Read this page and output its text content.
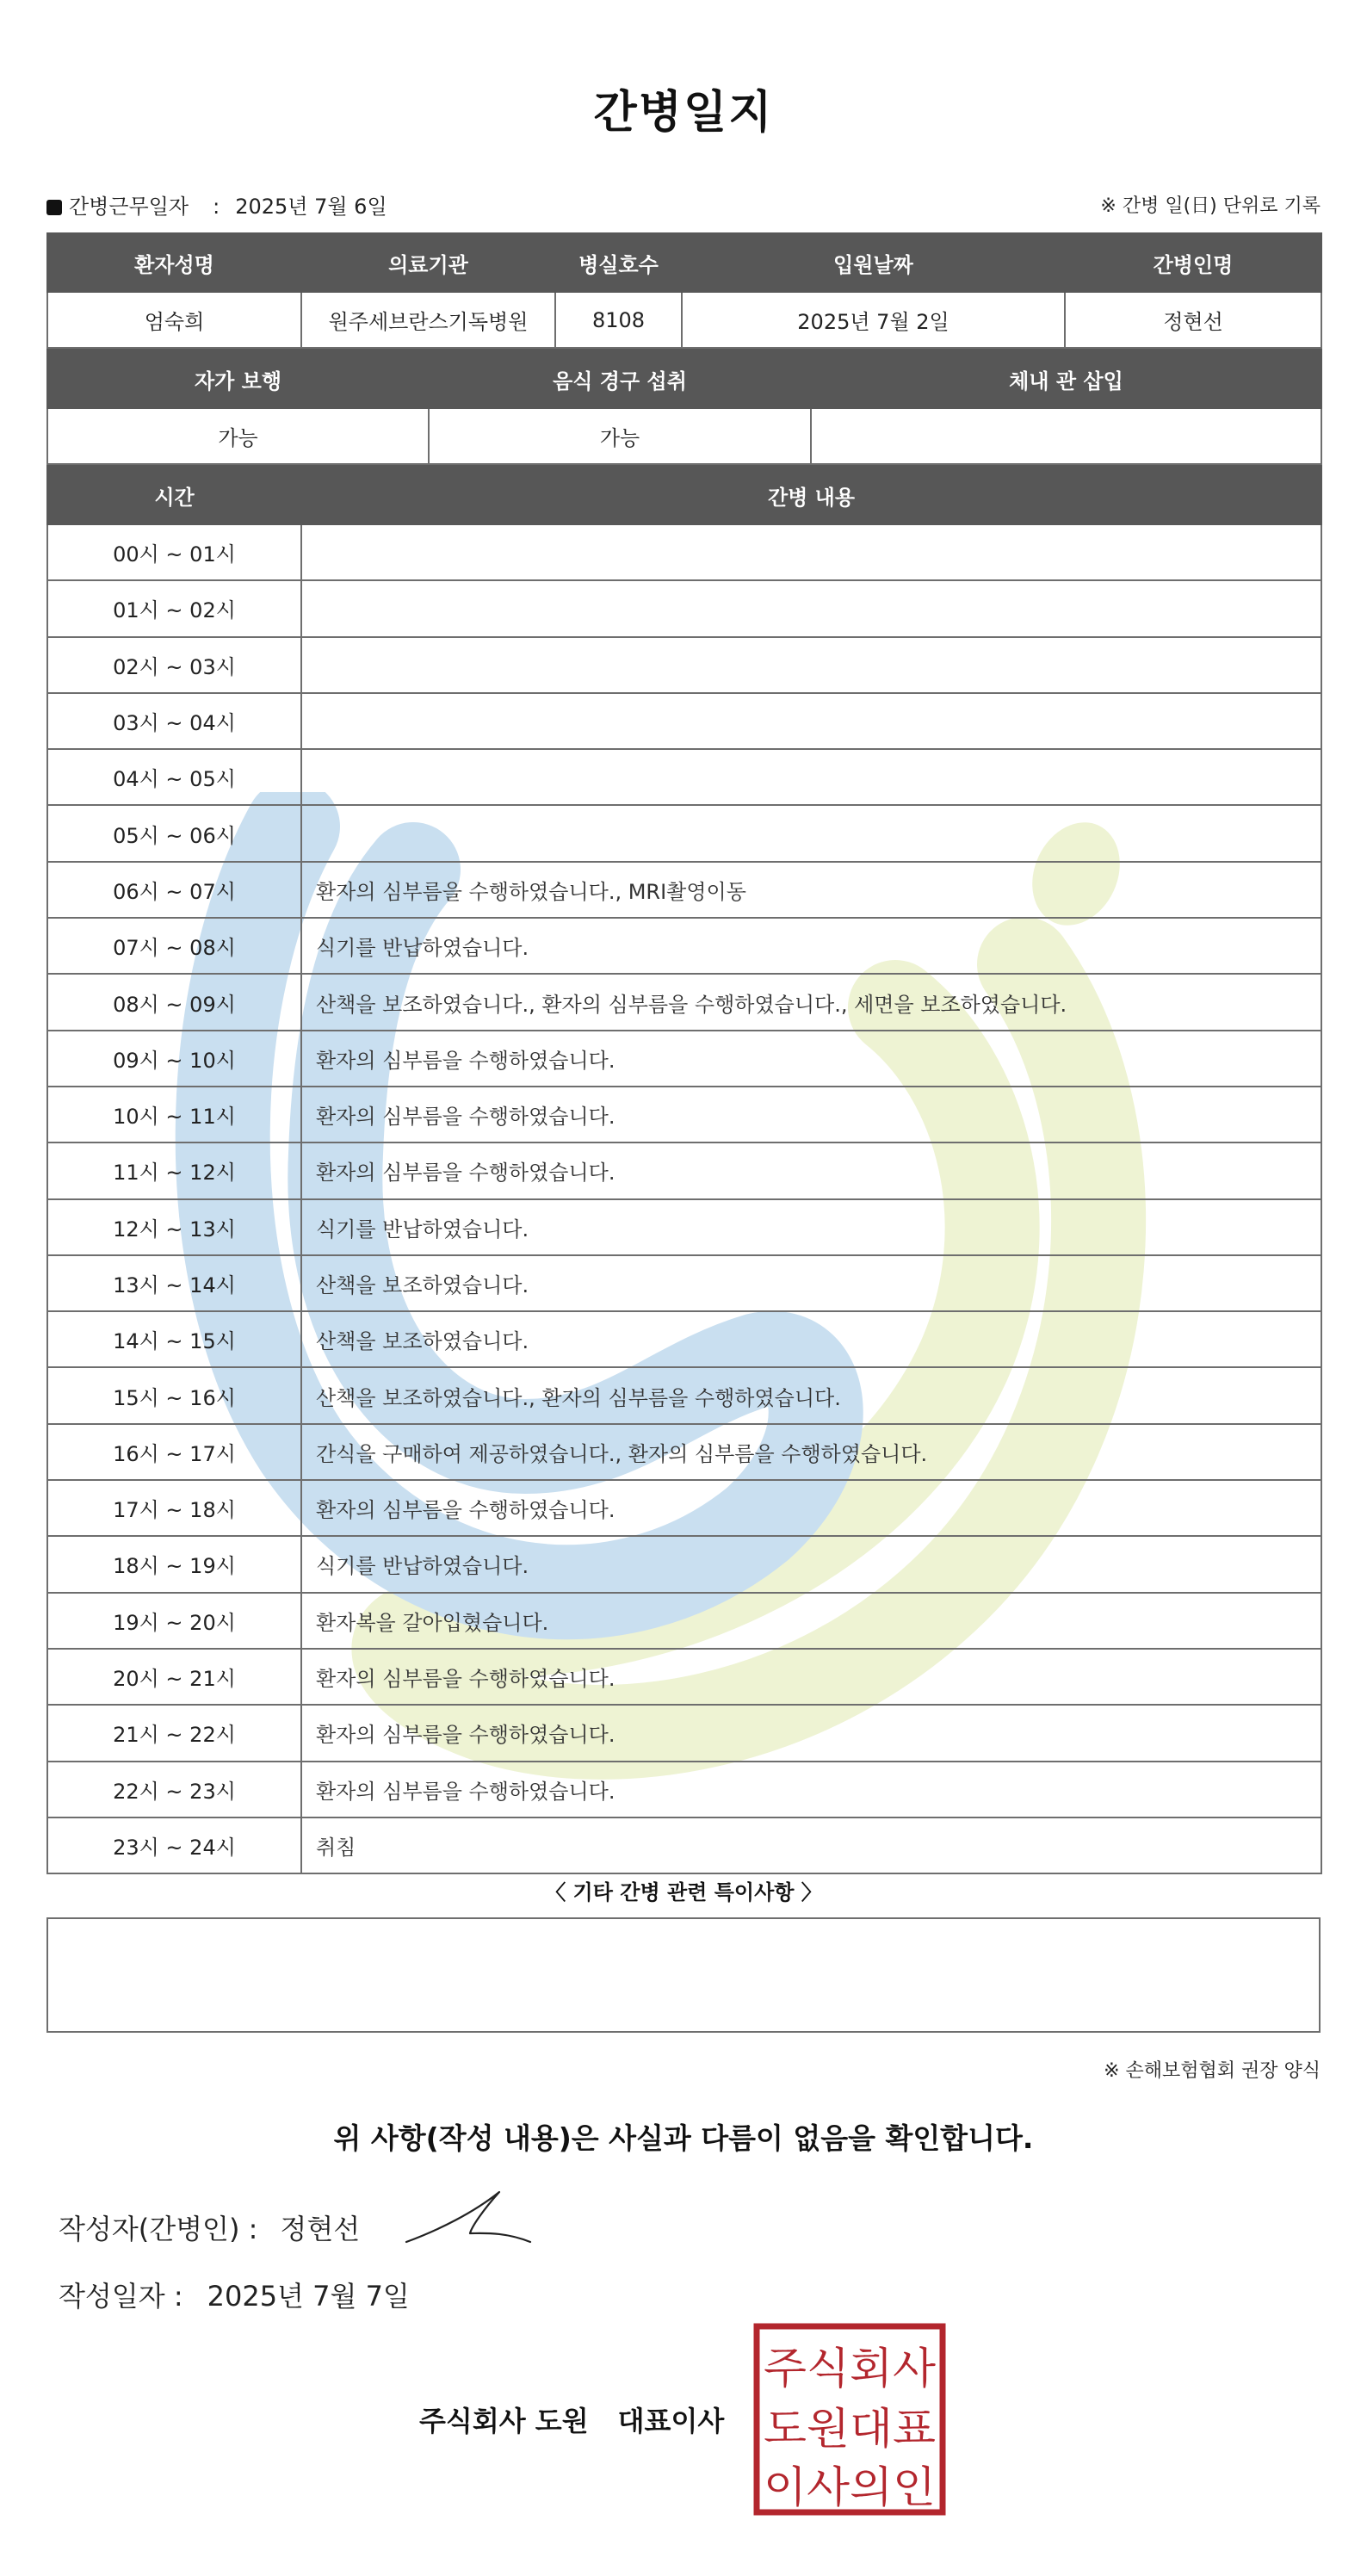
간병일지
간병근무일자 : 2025년 7월 6일	※ 간병 일(日) 단위로 기록
환자성명	의료기관	병실호수	입원날짜	간병인명
엄숙희	원주세브란스기독병원	8108	2025년 7월 2일	정현선
자가 보행	음식 경구 섭취	체내 관 삽입
가능	가능	
시간	간병 내용
00시 ~ 01시	
01시 ~ 02시	
02시 ~ 03시	
03시 ~ 04시	
04시 ~ 05시	
05시 ~ 06시	
06시 ~ 07시	환자의 심부름을 수행하였습니다., MRI촬영이동
07시 ~ 08시	식기를 반납하였습니다.
08시 ~ 09시	산책을 보조하였습니다., 환자의 심부름을 수행하였습니다., 세면을 보조하였습니다.
09시 ~ 10시	환자의 심부름을 수행하였습니다.
10시 ~ 11시	환자의 심부름을 수행하였습니다.
11시 ~ 12시	환자의 심부름을 수행하였습니다.
12시 ~ 13시	식기를 반납하였습니다.
13시 ~ 14시	산책을 보조하였습니다.
14시 ~ 15시	산책을 보조하였습니다.
15시 ~ 16시	산책을 보조하였습니다., 환자의 심부름을 수행하였습니다.
16시 ~ 17시	간식을 구매하여 제공하였습니다., 환자의 심부름을 수행하였습니다.
17시 ~ 18시	환자의 심부름을 수행하였습니다.
18시 ~ 19시	식기를 반납하였습니다.
19시 ~ 20시	환자복을 갈아입혔습니다.
20시 ~ 21시	환자의 심부름을 수행하였습니다.
21시 ~ 22시	환자의 심부름을 수행하였습니다.
22시 ~ 23시	환자의 심부름을 수행하였습니다.
23시 ~ 24시	취침
〈 기타 간병 관련 특이사항 〉
※ 손해보험협회 권장 양식
위 사항(작성 내용)은 사실과 다름이 없음을 확인합니다.
작성자(간병인) : 정현선
작성일자 : 2025년 7월 7일
주식회사 도원 대표이사
주식회사
도원대표
이사의인
